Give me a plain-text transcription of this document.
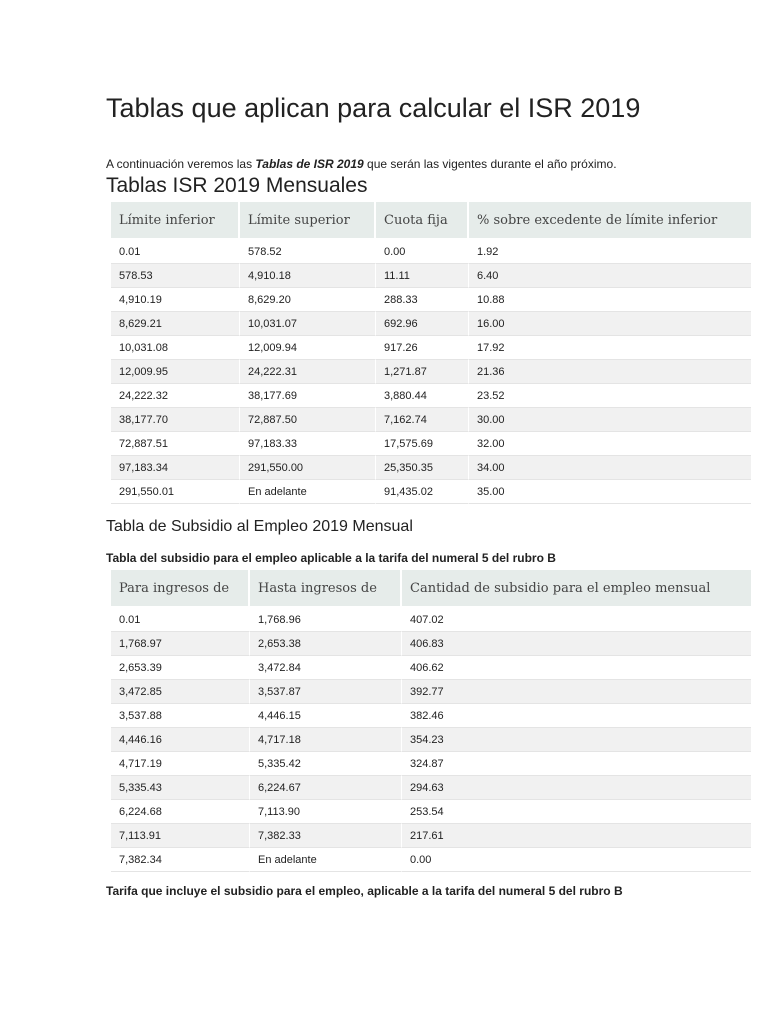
Tablas que aplican para calcular el ISR 2019

A continuación veremos las Tablas de ISR 2019 que serán las vigentes durante el año próximo.

Tablas ISR 2019 Mensuales
Límite inferior	Límite superior	Cuota fija	% sobre excedente de límite inferior
0.01	578.52	0.00	1.92
578.53	4,910.18	11.11	6.40
4,910.19	8,629.20	288.33	10.88
8,629.21	10,031.07	692.96	16.00
10,031.08	12,009.94	917.26	17.92
12,009.95	24,222.31	1,271.87	21.36
24,222.32	38,177.69	3,880.44	23.52
38,177.70	72,887.50	7,162.74	30.00
72,887.51	97,183.33	17,575.69	32.00
97,183.34	291,550.00	25,350.35	34.00
291,550.01	En adelante	91,435.02	35.00
Tabla de Subsidio al Empleo 2019 Mensual

Tabla del subsidio para el empleo aplicable a la tarifa del numeral 5 del rubro B

Para ingresos de	Hasta ingresos de	Cantidad de subsidio para el empleo mensual
0.01	1,768.96	407.02
1,768.97	2,653.38	406.83
2,653.39	3,472.84	406.62
3,472.85	3,537.87	392.77
3,537.88	4,446.15	382.46
4,446.16	4,717.18	354.23
4,717.19	5,335.42	324.87
5,335.43	6,224.67	294.63
6,224.68	7,113.90	253.54
7,113.91	7,382.33	217.61
7,382.34	En adelante	0.00

Tarifa que incluye el subsidio para el empleo, aplicable a la tarifa del numeral 5 del rubro B
